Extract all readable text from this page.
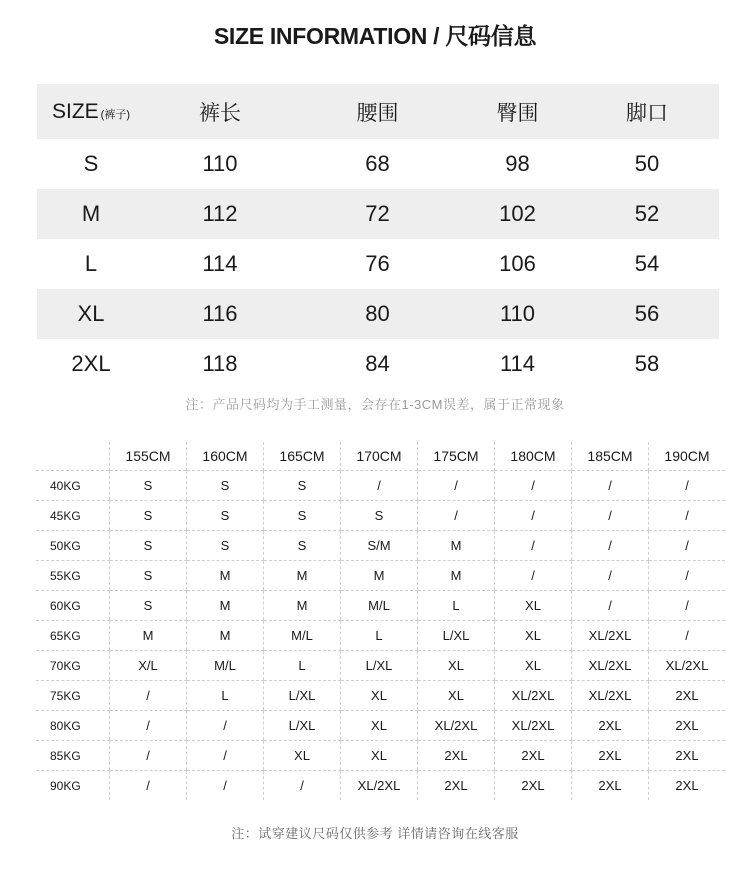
SIZE INFORMATION / 尺码信息
SIZE (裤子)	裤长	腰围	臀围	脚口
S	110	68	98	50
M	112	72	102	52
L	114	76	106	54
XL	116	80	110	56
2XL	118	84	114	58
注：产品尺码均为手工测量，会存在1-3CM误差，属于正常现象
	155CM	160CM	165CM	170CM	175CM	180CM	185CM	190CM
40KG	S	S	S	/	/	/	/	/
45KG	S	S	S	S	/	/	/	/
50KG	S	S	S	S/M	M	/	/	/
55KG	S	M	M	M	M	/	/	/
60KG	S	M	M	M/L	L	XL	/	/
65KG	M	M	M/L	L	L/XL	XL	XL/2XL	/
70KG	X/L	M/L	L	L/XL	XL	XL	XL/2XL	XL/2XL
75KG	/	L	L/XL	XL	XL	XL/2XL	XL/2XL	2XL
80KG	/	/	L/XL	XL	XL/2XL	XL/2XL	2XL	2XL
85KG	/	/	XL	XL	2XL	2XL	2XL	2XL
90KG	/	/	/	XL/2XL	2XL	2XL	2XL	2XL
注：试穿建议尺码仅供参考 详情请咨询在线客服
